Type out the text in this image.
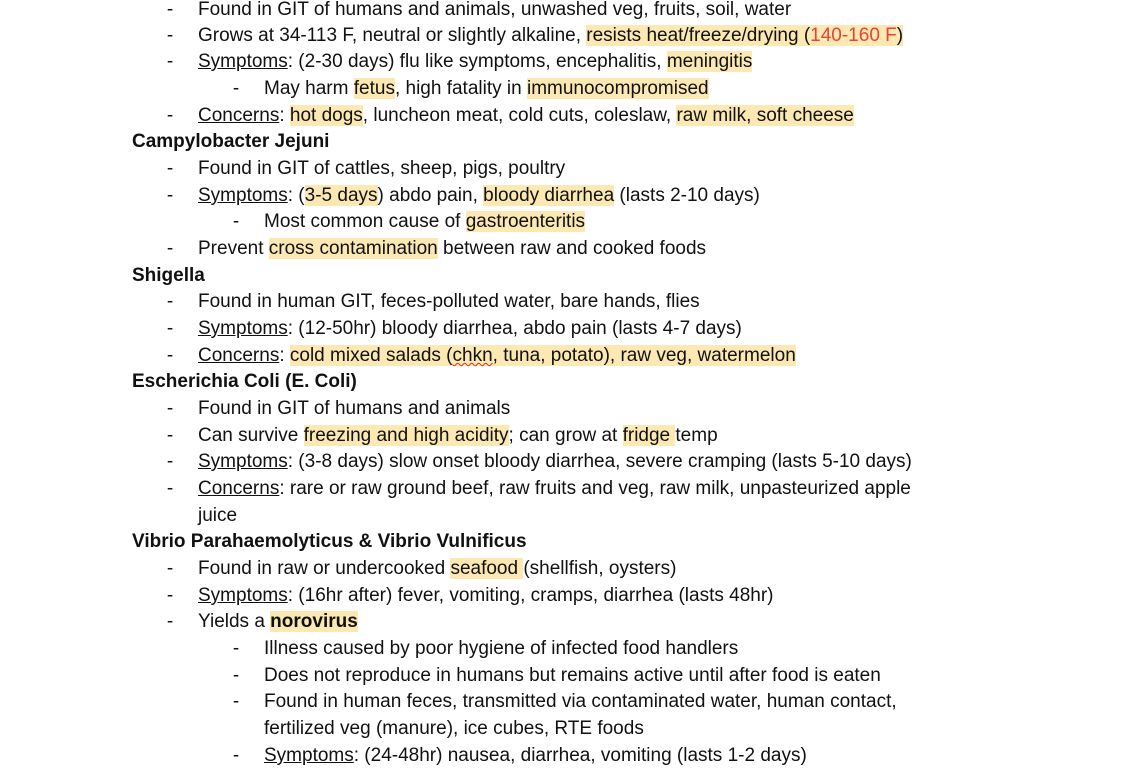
- Found in GIT of humans and animals, unwashed veg, fruits, soil, water
- Grows at 34-113 F, neutral or slightly alkaline, resists heat/freeze/drying (140-160 F)
- Symptoms: (2-30 days) flu like symptoms, encephalitis, meningitis
- May harm fetus, high fatality in immunocompromised
- Concerns: hot dogs, luncheon meat, cold cuts, coleslaw, raw milk, soft cheese
Campylobacter Jejuni
- Found in GIT of cattles, sheep, pigs, poultry
- Symptoms: (3-5 days) abdo pain, bloody diarrhea (lasts 2-10 days)
- Most common cause of gastroenteritis
- Prevent cross contamination between raw and cooked foods
Shigella
- Found in human GIT, feces-polluted water, bare hands, flies
- Symptoms: (12-50hr) bloody diarrhea, abdo pain (lasts 4-7 days)
- Concerns: cold mixed salads (chkn, tuna, potato), raw veg, watermelon
Escherichia Coli (E. Coli)
- Found in GIT of humans and animals
- Can survive freezing and high acidity; can grow at fridge temp
- Symptoms: (3-8 days) slow onset bloody diarrhea, severe cramping (lasts 5-10 days)
- Concerns: rare or raw ground beef, raw fruits and veg, raw milk, unpasteurized apple
juice
Vibrio Parahaemolyticus & Vibrio Vulnificus
- Found in raw or undercooked seafood (shellfish, oysters)
- Symptoms: (16hr after) fever, vomiting, cramps, diarrhea (lasts 48hr)
- Yields a norovirus
- Illness caused by poor hygiene of infected food handlers
- Does not reproduce in humans but remains active until after food is eaten
- Found in human feces, transmitted via contaminated water, human contact,
fertilized veg (manure), ice cubes, RTE foods
- Symptoms: (24-48hr) nausea, diarrhea, vomiting (lasts 1-2 days)
